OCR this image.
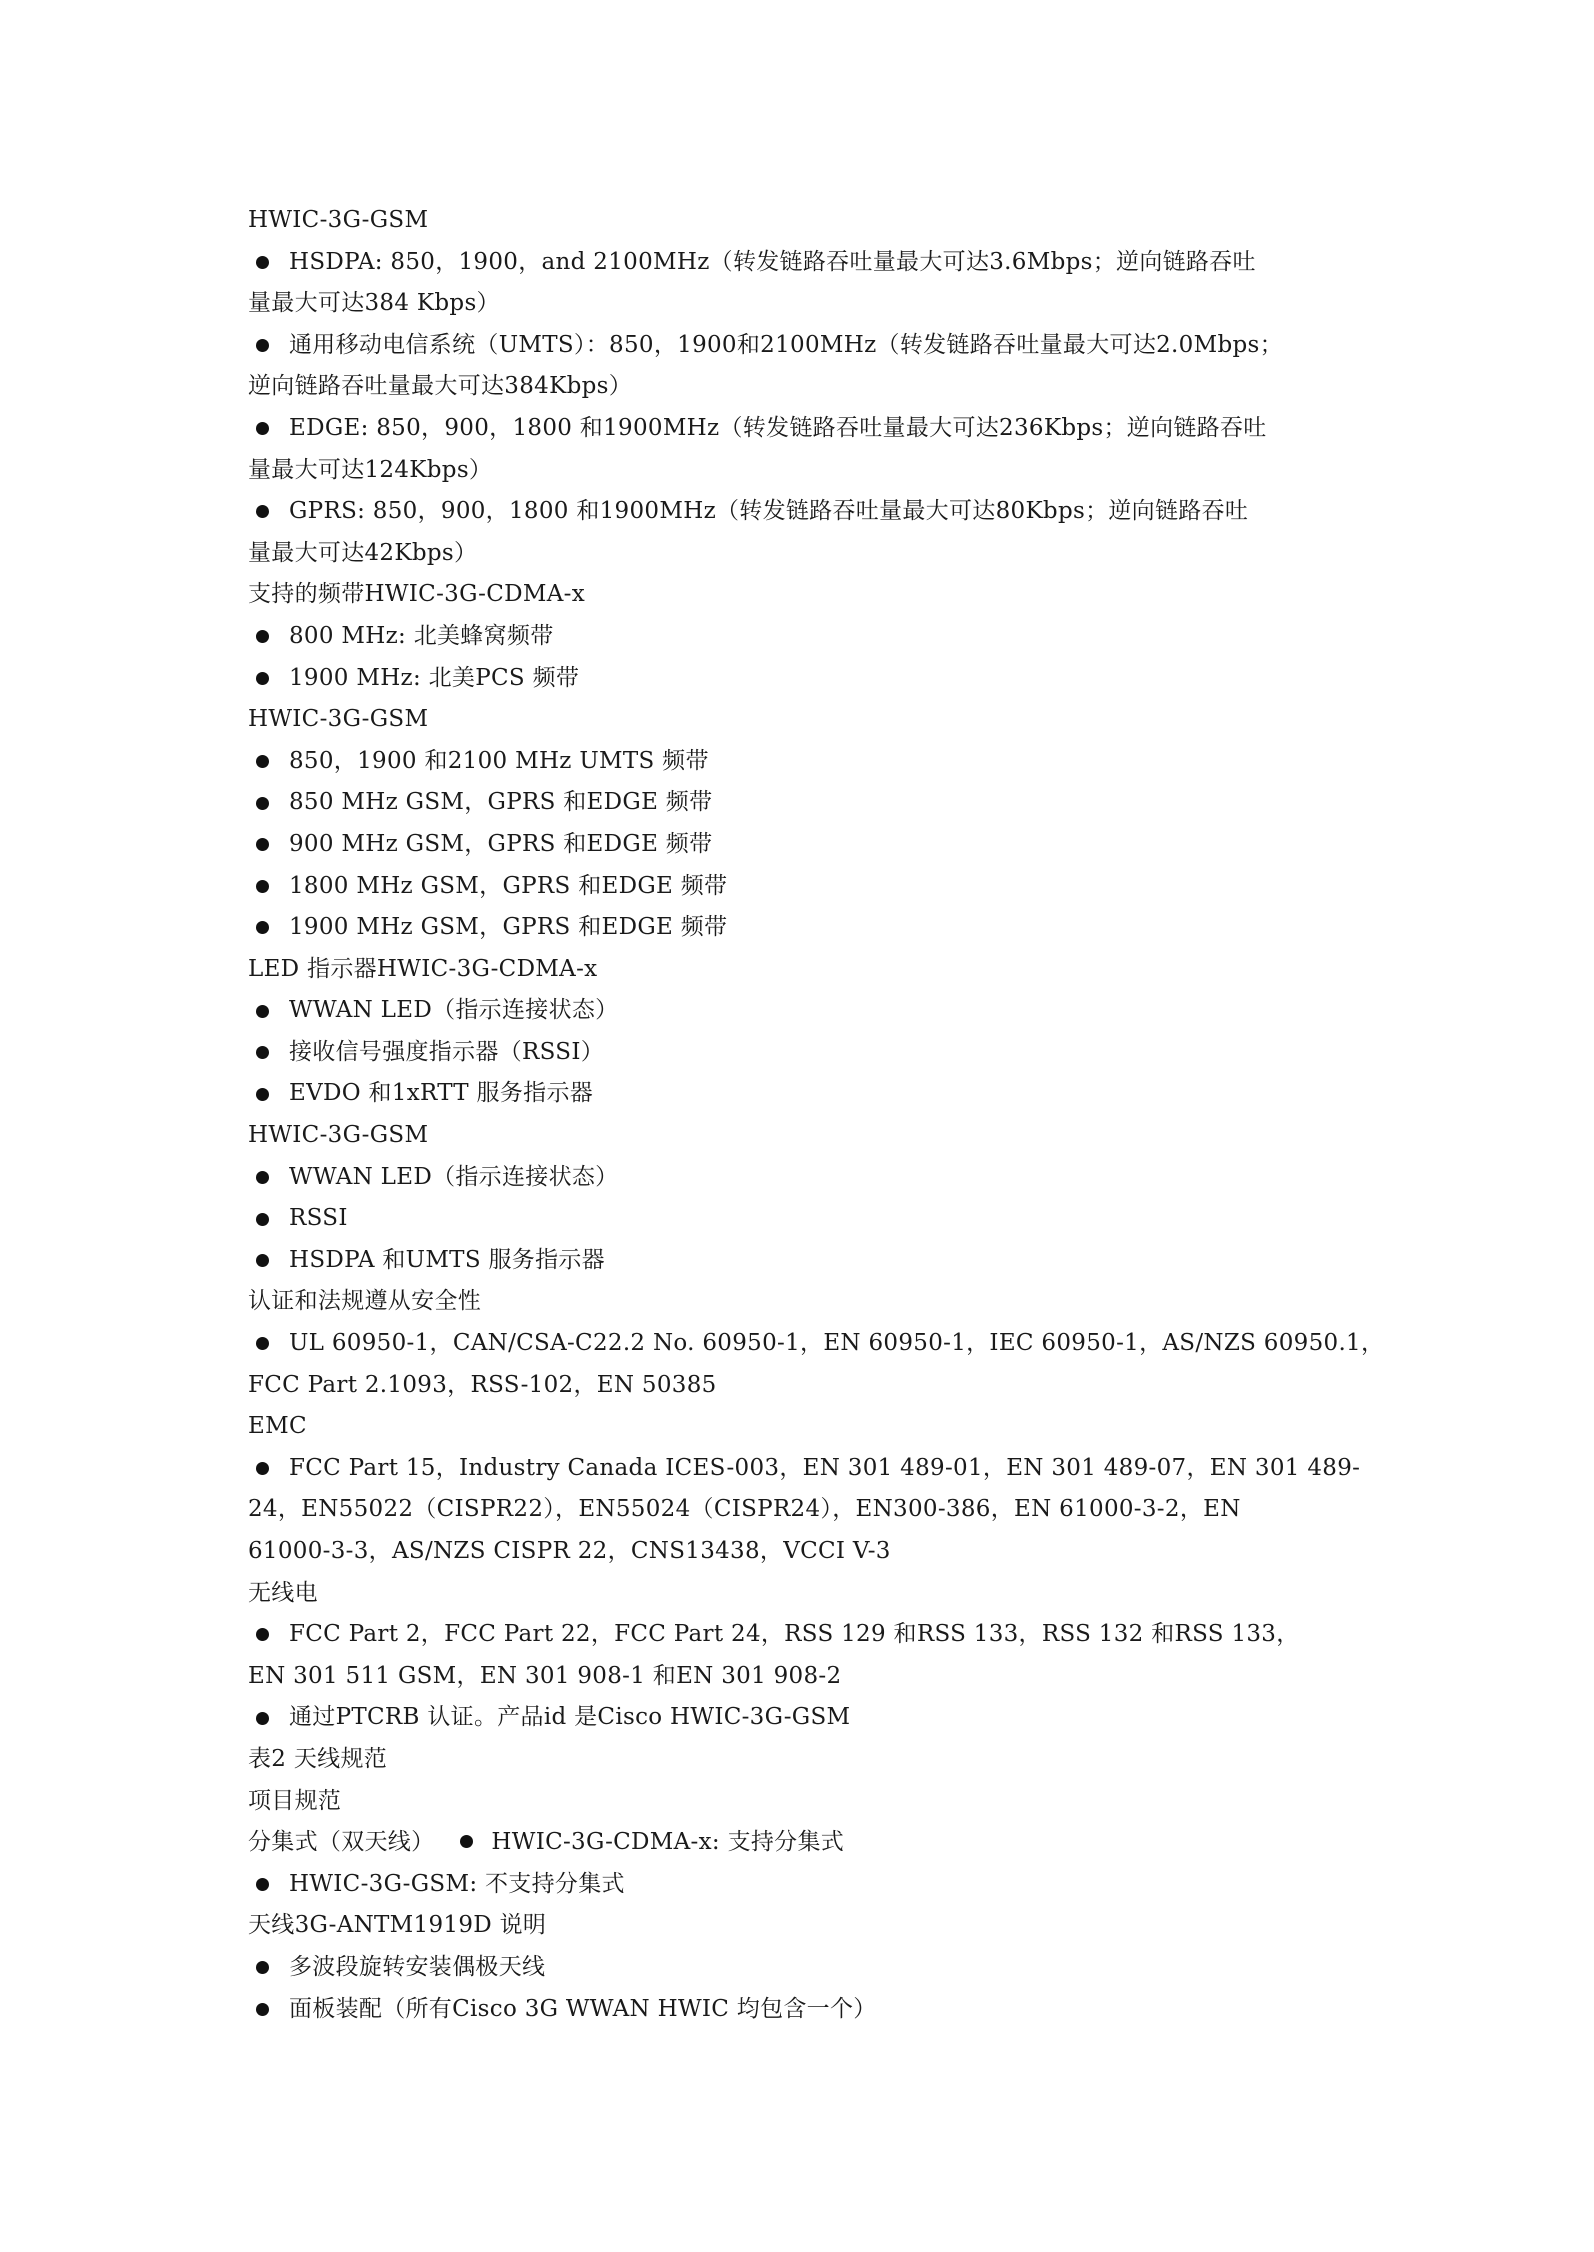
HWIC-3G-GSM
HSDPA: 850，1900，and 2100MHz（转发链路吞吐量最大可达3.6Mbps；逆向链路吞吐
量最大可达384 Kbps）
通用移动电信系统（UMTS）：850，1900和2100MHz（转发链路吞吐量最大可达2.0Mbps；
逆向链路吞吐量最大可达384Kbps）
EDGE: 850，900，1800 和1900MHz（转发链路吞吐量最大可达236Kbps；逆向链路吞吐
量最大可达124Kbps）
GPRS: 850，900，1800 和1900MHz（转发链路吞吐量最大可达80Kbps；逆向链路吞吐
量最大可达42Kbps）
支持的频带HWIC-3G-CDMA-x
800 MHz: 北美蜂窝频带
1900 MHz: 北美PCS 频带
HWIC-3G-GSM
850，1900 和2100 MHz UMTS 频带
850 MHz GSM，GPRS 和EDGE 频带
900 MHz GSM，GPRS 和EDGE 频带
1800 MHz GSM，GPRS 和EDGE 频带
1900 MHz GSM，GPRS 和EDGE 频带
LED 指示器HWIC-3G-CDMA-x
WWAN LED（指示连接状态）
接收信号强度指示器（RSSI）
EVDO 和1xRTT 服务指示器
HWIC-3G-GSM
WWAN LED（指示连接状态）
RSSI
HSDPA 和UMTS 服务指示器
认证和法规遵从安全性
UL 60950-1，CAN/CSA-C22.2 No. 60950-1，EN 60950-1，IEC 60950-1，AS/NZS 60950.1，
FCC Part 2.1093，RSS-102，EN 50385
EMC
FCC Part 15，Industry Canada ICES-003，EN 301 489-01，EN 301 489-07，EN 301 489-
24，EN55022（CISPR22），EN55024（CISPR24），EN300-386，EN 61000-3-2，EN
61000-3-3，AS/NZS CISPR 22，CNS13438，VCCI V-3
无线电
FCC Part 2，FCC Part 22，FCC Part 24，RSS 129 和RSS 133，RSS 132 和RSS 133，
EN 301 511 GSM，EN 301 908-1 和EN 301 908-2
通过PTCRB 认证。产品id 是Cisco HWIC-3G-GSM
表2 天线规范
项目规范
分集式（双天线） HWIC-3G-CDMA-x: 支持分集式
HWIC-3G-GSM: 不支持分集式
天线3G-ANTM1919D 说明
多波段旋转安装偶极天线
面板装配（所有Cisco 3G WWAN HWIC 均包含一个）
